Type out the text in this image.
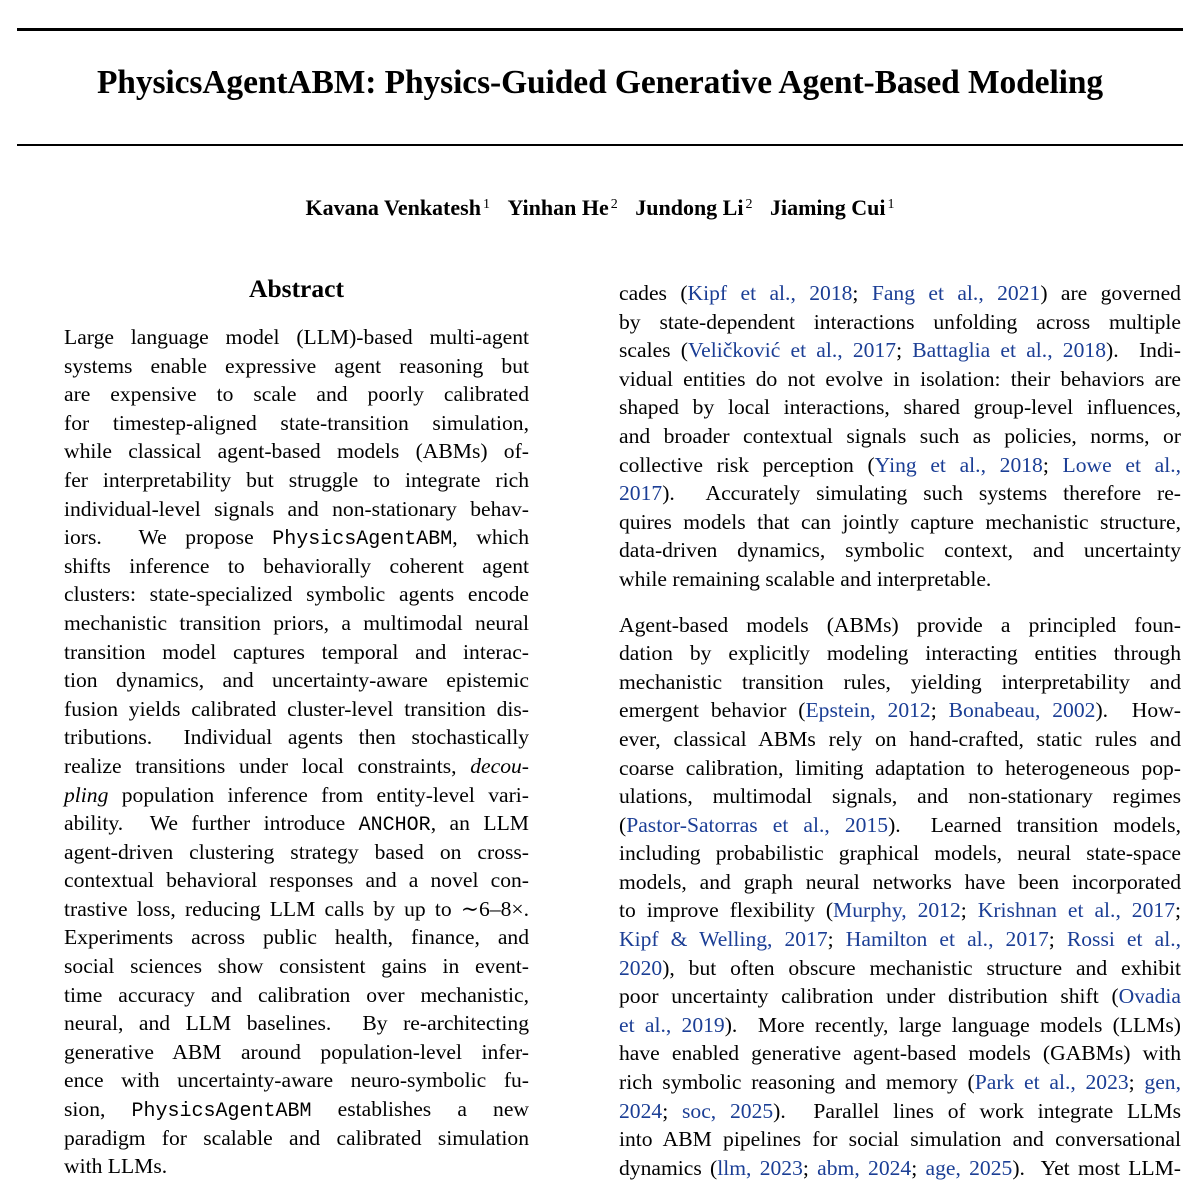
PhysicsAgentABM: Physics-Guided Generative Agent-Based Modeling
Kavana Venkatesh $^1$ Yinhan He $^2$ Jundong Li $^2$ Jiaming Cui $^1$
Abstract
Large language model (LLM)-based multi-agent
systems enable expressive agent reasoning but
are expensive to scale and poorly calibrated
for timestep-aligned state-transition simulation,
while classical agent-based models (ABMs) of-
fer interpretability but struggle to integrate rich
individual-level signals and non-stationary behav-
iors.  We propose PhysicsAgentABM, which
shifts inference to behaviorally coherent agent
clusters: state-specialized symbolic agents encode
mechanistic transition priors, a multimodal neural
transition model captures temporal and interac-
tion dynamics, and uncertainty-aware epistemic
fusion yields calibrated cluster-level transition dis-
tributions.  Individual agents then stochastically
realize transitions under local constraints, decou-
pling population inference from entity-level vari-
ability.  We further introduce ANCHOR, an LLM
agent-driven clustering strategy based on cross-
contextual behavioral responses and a novel con-
trastive loss, reducing LLM calls by up to ∼6–8×.
Experiments across public health, finance, and
social sciences show consistent gains in event-
time accuracy and calibration over mechanistic,
neural, and LLM baselines.  By re-architecting
generative ABM around population-level infer-
ence with uncertainty-aware neuro-symbolic fu-
sion, PhysicsAgentABM establishes a new
paradigm for scalable and calibrated simulation
with LLMs.
cades (Kipf et al., 2018; Fang et al., 2021) are governed
by state-dependent interactions unfolding across multiple
scales (Veličković et al., 2017; Battaglia et al., 2018).  Indi-
vidual entities do not evolve in isolation: their behaviors are
shaped by local interactions, shared group-level influences,
and broader contextual signals such as policies, norms, or
collective risk perception (Ying et al., 2018; Lowe et al.,
2017).  Accurately simulating such systems therefore re-
quires models that can jointly capture mechanistic structure,
data-driven dynamics, symbolic context, and uncertainty
while remaining scalable and interpretable.
Agent-based models (ABMs) provide a principled foun-
dation by explicitly modeling interacting entities through
mechanistic transition rules, yielding interpretability and
emergent behavior (Epstein, 2012; Bonabeau, 2002).  How-
ever, classical ABMs rely on hand-crafted, static rules and
coarse calibration, limiting adaptation to heterogeneous pop-
ulations, multimodal signals, and non-stationary regimes
(Pastor-Satorras et al., 2015).  Learned transition models,
including probabilistic graphical models, neural state-space
models, and graph neural networks have been incorporated
to improve flexibility (Murphy, 2012; Krishnan et al., 2017;
Kipf & Welling, 2017; Hamilton et al., 2017; Rossi et al.,
2020), but often obscure mechanistic structure and exhibit
poor uncertainty calibration under distribution shift (Ovadia
et al., 2019).  More recently, large language models (LLMs)
have enabled generative agent-based models (GABMs) with
rich symbolic reasoning and memory (Park et al., 2023; gen,
2024; soc, 2025).  Parallel lines of work integrate LLMs
into ABM pipelines for social simulation and conversational
dynamics (llm, 2023; abm, 2024; age, 2025).  Yet most LLM-
